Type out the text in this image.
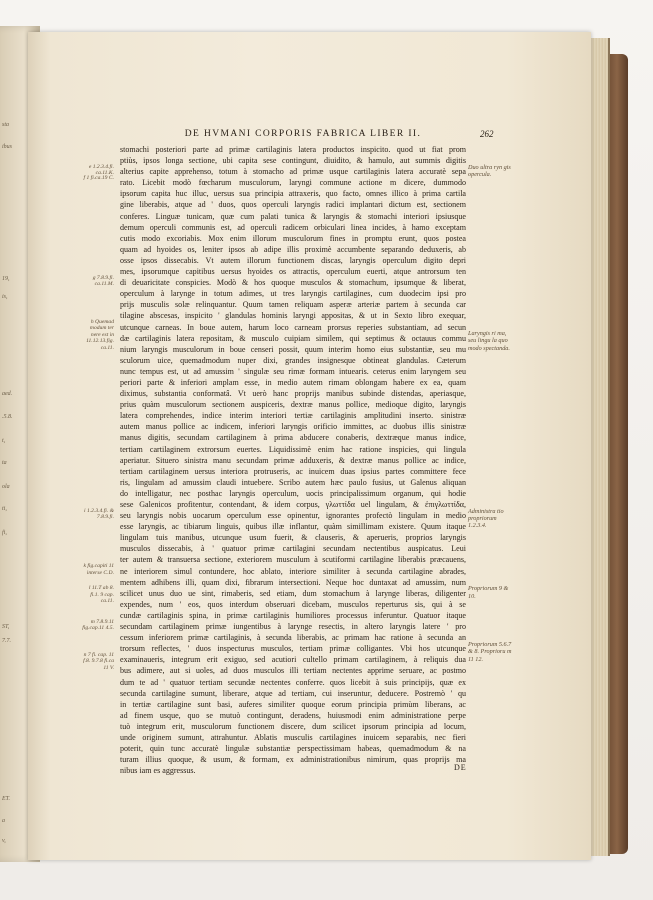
sta
ibus
19,
is,
aed.
.5.8.
t,
ta
ola
ti,
fi,
ST,
7.7.
ET.
a
v,
DE HVMANI CORPORIS FABRICA LIBER II.	262
stomachi posteriori parte ad primæ cartilaginis latera productos inspicito. quod ut fiat prom
ptiùs, ipsos longa sectione, ubi capita sese contingunt, diuidito, & hamulo, aut summis digitis
alterius capite apprehenso, totum à stomacho ad primæ usque cartilaginis latera accuratè sepa
rato. Licebit modò fœcharum musculorum, laryngi commune actione m dicere, dummodo
ipsorum capita huc illuc, uersus sua principia attraxeris, quo facto, omnes illico à prima cartila
gine liberabis, atque ad ' duos, quos operculi laryngis radici implantari dictum est, sectionem
conferes. Linguæ tunicam, quæ cum palati tunica & laryngis & stomachi interiori ipsiusque
demum operculi communis est, ad operculi radicem orbiculari linea incides, à hamo exceptam
cutis modo excoriabis. Mox enim illorum musculorum fines in promptu erunt, quos postea
quam ad hyoides os, leniter ipsos ab adipe illis proximè accumbente separando deduxeris, ab
osse ipsos dissecabis. Vt autem illorum functionem discas, laryngis operculum digito depri
mes, ipsorumque capitibus uersus hyoides os attractis, operculum euerti, atque antrorsum ten
di deuaricitate conspicies. Modò & hos quoque musculos & stomachum, ipsumque & liberat,
operculum à larynge in totum adimes, ut tres laryngis cartilagines, cum duodecim ipsi pro
prijs musculis solæ relinquantur. Quum tamen reliquam asperæ arteriæ partem à secunda car
tilagine abscesas, inspicito ' glandulas hominis laryngi appositas, & ut in Sexto libro exequar,
utcunque carneas. In boue autem, harum loco carneam prorsus reperies substantiam, ad secun
dæ cartilaginis latera repositam, & musculo cuipiam similem, qui septimus & octauus commu
nium laryngis musculorum in boue censeri possit, quum interim homo eius substantiæ, seu mu
sculorum uice, quemadmodum nuper dixi, grandes insignesque obtineat glandulas. Cæterum
nunc tempus est, ut ad amussim ' singulæ seu rimæ formam intuearis. ceterus enim laryngem seu
periori parte & inferiori amplam esse, in medio autem rimam oblongam habere ex ea, quam
diximus, substantia conformatâ. Vt uerò hanc proprijs manibus subinde distendas, aperiasque,
prius quàm musculorum sectionem auspiceris, dextræ manus pollice, medioque digito, laryngis
latera comprehendes, indice interim interiori tertiæ cartilaginis amplitudini inserto. sinistræ
autem manus pollice ac indicem, inferiori laryngis orificio immittes, ac duobus illis sinistræ
manus digitis, secundam cartilaginem à prima abducere conaberis, dextræque manus indice,
tertiam cartilaginem extrorsum euertes. Liquidissimè enim hac ratione inspicies, qui lingula
aperiatur. Situero sinistra manu secundam primæ adduxeris, & dextræ manus pollice ac indice,
tertiam cartilaginem uersus interiora protruseris, ac inuicem duas ipsius partes committere fece
ris, lingulam ad amussim claudi intuebere. Scribo autem hæc paulo fusius, ut Galenus aliquan
do intelligatur, nec posthac laryngis operculum, uocis principalissimum organum, qui hodie
sese Galenicos profitentur, contendant, & idem corpus, γλωττίδα uel lingulam, & ἐπιγλωττίδα,
seu laryngis nobis uocarum operculum esse opinentur, ignorantes profectò lingulam in medio
esse laryngis, ac tibiarum linguis, quibus illæ inflantur, quàm simillimam existere. Quum itaque
lingulam tuis manibus, utcunque usum fuerit, & clauseris, & aperueris, proprios laryngis
musculos dissecabis, à ' quatuor primæ cartilagini secundam nectentibus auspicatus. Leui
ter autem & transuersa sectione, exteriorem musculum à scutiformi cartilagine liberabis præcauens,
ne interiorem simul contundere, hoc ablato, interiore similiter à secunda cartilagine abrades,
mentem adhibens illi, quam dixi, fibrarum intersectioni. Neque hoc duntaxat ad amussim, num
scilicet unus duo ue sint, rimaberis, sed etiam, dum stomachum à larynge liberas, diligenter
expendes, num ' eos, quos interdum obseruari dicebam, musculos reperturus sis, qui à se
cundæ cartilaginis spina, in primæ cartilaginis humiliores processus inferuntur. Quatuor itaque
secundam cartilaginem primæ iungentibus à larynge resectis, in altero laryngis latere ' pro
cessum inferiorem primæ cartilaginis, à secunda liberabis, ac primam hac ratione à secunda an
trorsum reflectes, ' duos inspecturus musculos, tertiam primæ colligantes. Vbi hos utcunque
examinaueris, integrum erit exiguo, sed acutiori cultello primam cartilaginem, à reliquis dua
bus adimere, aut si uoles, ad duos musculos illi tertiam nectentes apprime seruare, ac postmo
dum te ad ' quatuor tertiam secundæ nectentes conferre. quos licebit à suis principijs, quæ ex
secunda cartilagine sumunt, liberare, atque ad tertiam, cui inseruntur, deducere. Postremò ' qu
in tertiæ cartilagine sunt basi, auferes similiter quoque eorum principia primùm liberans, ac
ad finem usque, quo se mutuò contingunt, deradens, huiusmodi enim administratione perpe
tuò integrum erit, musculorum functionem discere, dum scilicet ipsorum principia ad locum,
unde originem sumunt, attrahuntur. Ablatis musculis cartilagines inuicem separabis, nec fieri
poterit, quin tunc accuratè lingulæ substantiæ perspectissimam habeas, quemadmodum & na
turam illius quoque, & usum, & formam, ex administrationibus nimirum, quas proprijs ma
nibus iam es aggressus.
e 1.2.3.4.fi. ca.11.K.
f 1 fi.ca.19 C.
g 7.8.9.fi. ca.11.M.
h Quemad modum ter nere est in 11.12.13.fig. ca.11.
i 1.2.3.4.fi. & 7.8.9.fi.
k fig.capiti 11 interse C.D.
l 11.T ab 8. fi.1. 9 cap. ca.11.
m 7.8.9.11 fig.cap.11 4.5.
n 7 fi. cap. 11 f.8. 9.7.8 fi.ca 11 V.
Duo ultra ryn gis opercula.
Laryngis ri ma, seu lingu la quo modo spectanda.
Administra tio propriorum 1.2.3.4.
Propriorum 9 & 10.
Propriorum 5.6.7 & 8. Proprioru m 11 12.
DE
